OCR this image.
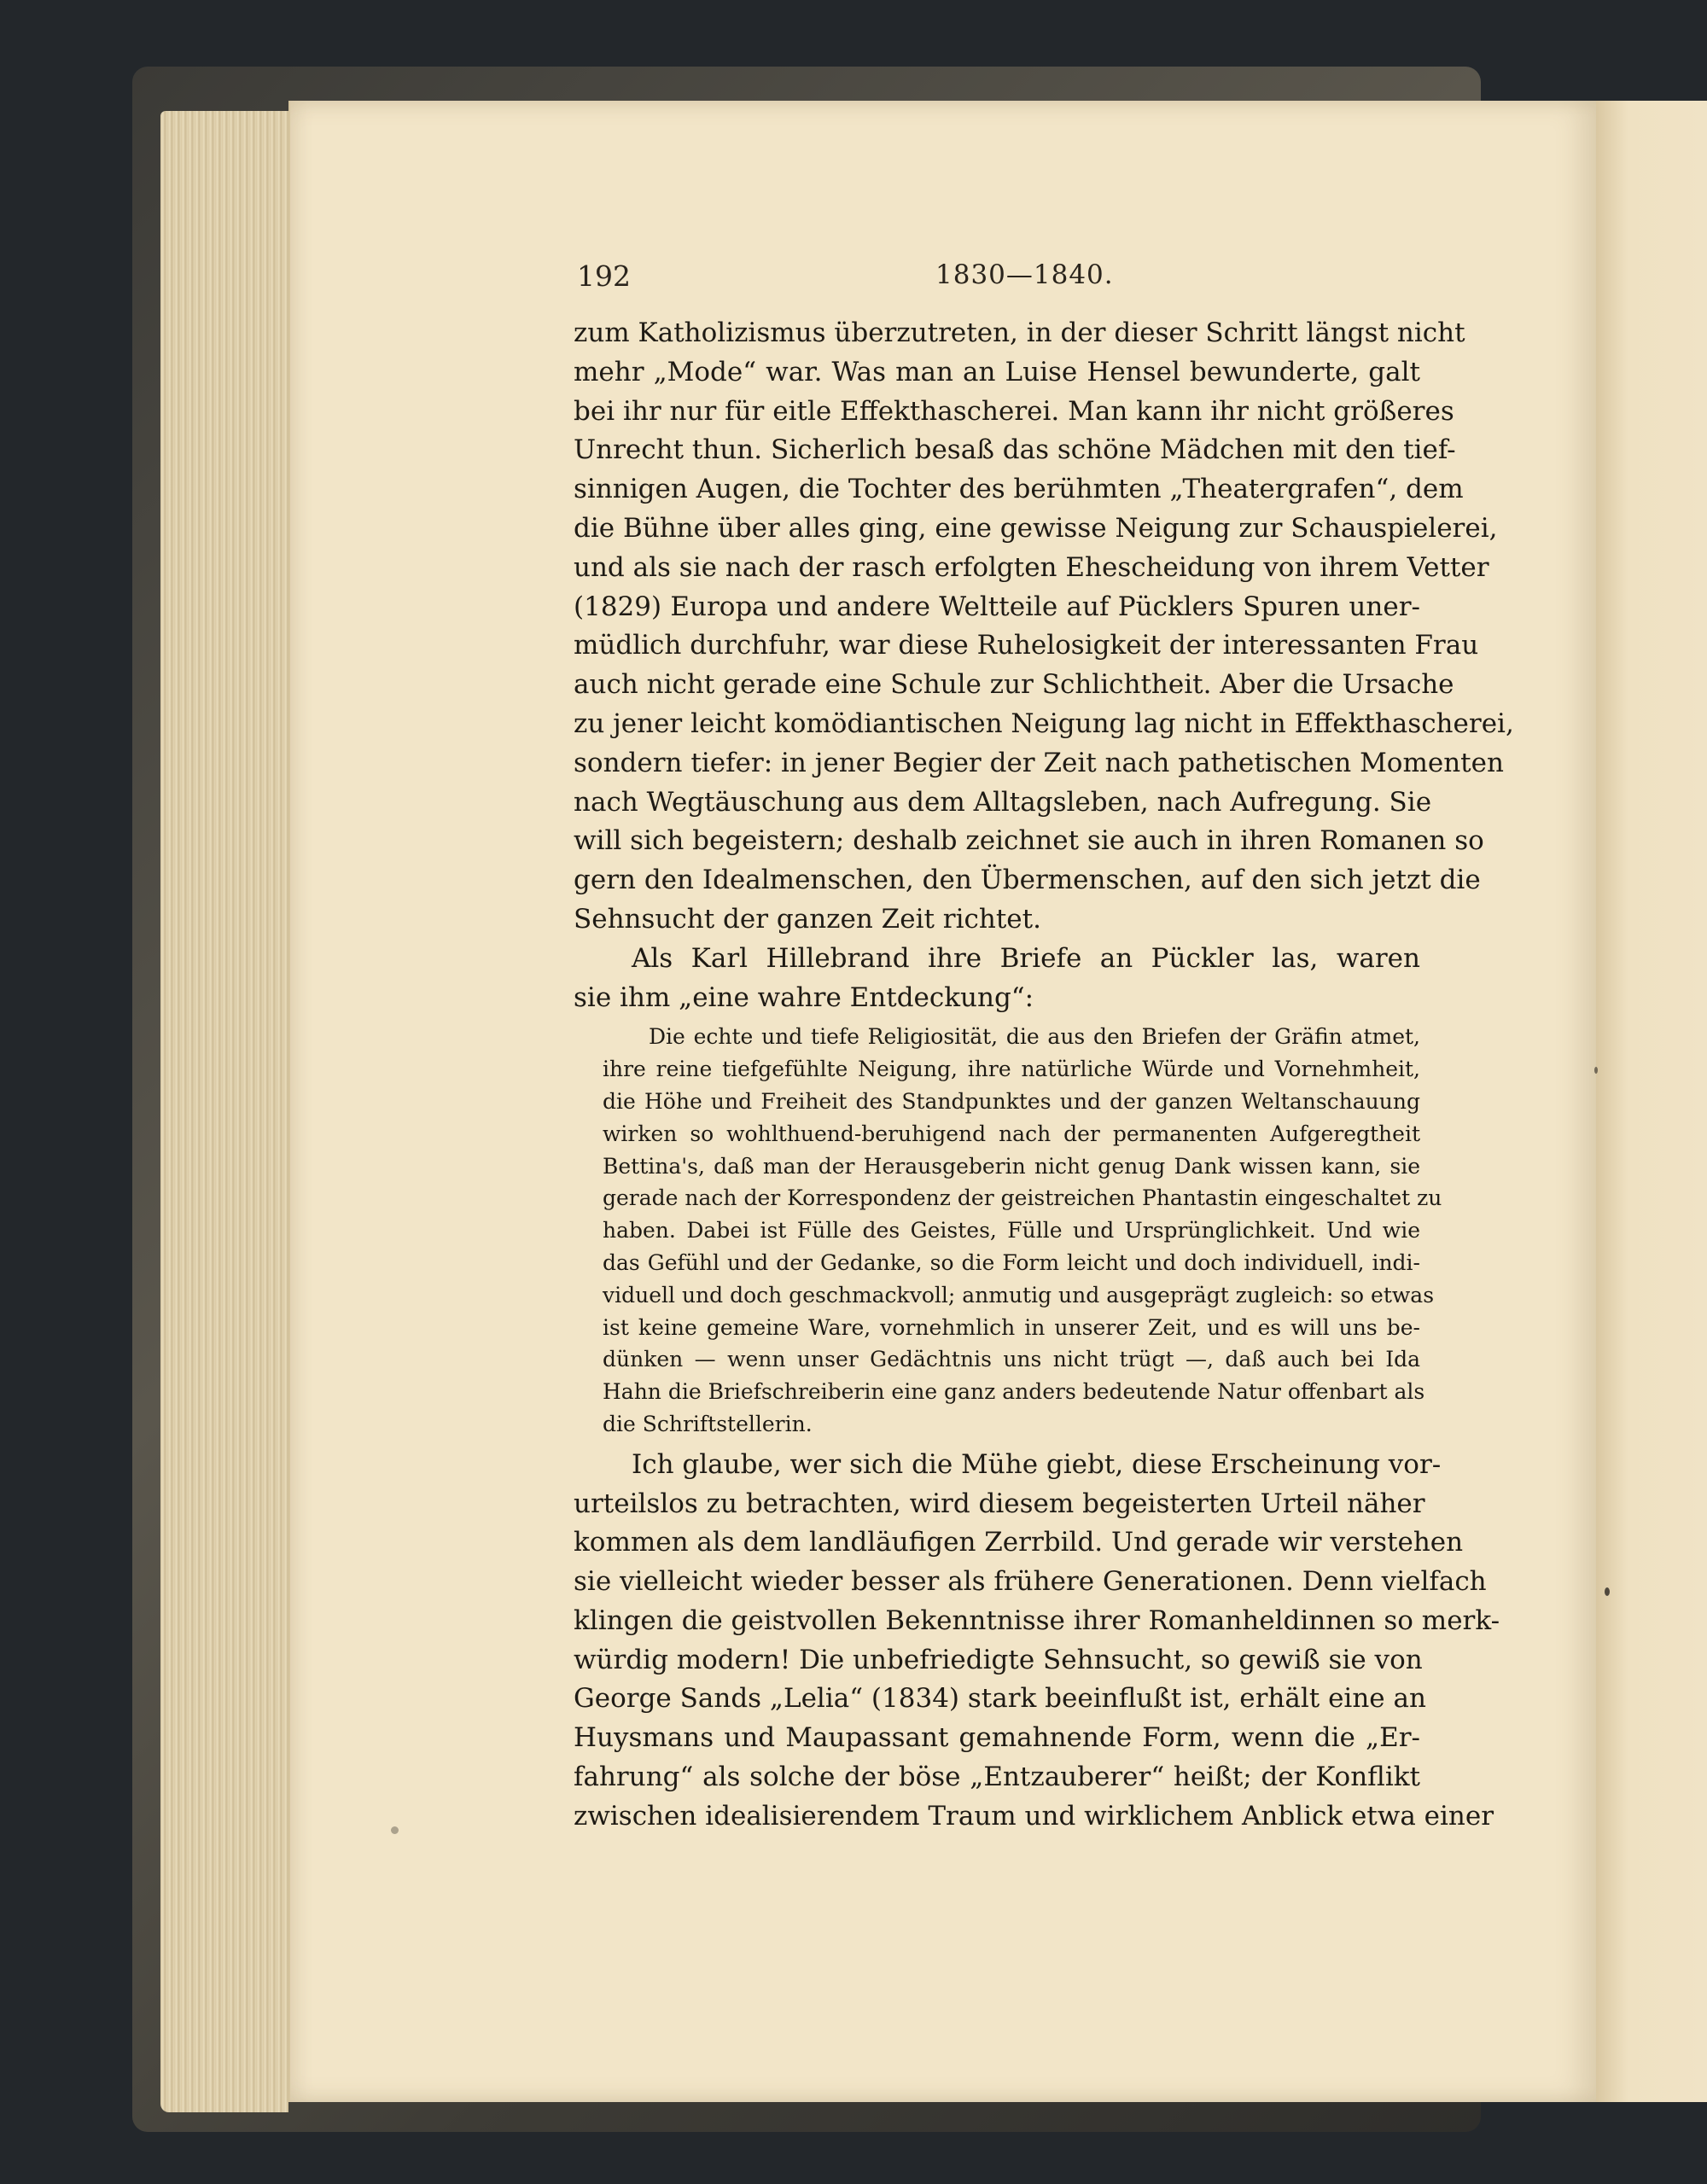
192	1830—1840.
zum Katholizismus überzutreten, in der dieser Schritt längst nicht
mehr „Mode“ war. Was man an Luise Hensel bewunderte, galt
bei ihr nur für eitle Effekthascherei. Man kann ihr nicht größeres
Unrecht thun. Sicherlich besaß das schöne Mädchen mit den tief-
sinnigen Augen, die Tochter des berühmten „Theatergrafen“, dem
die Bühne über alles ging, eine gewisse Neigung zur Schauspielerei,
und als sie nach der rasch erfolgten Ehescheidung von ihrem Vetter
(1829) Europa und andere Weltteile auf Pücklers Spuren uner-
müdlich durchfuhr, war diese Ruhelosigkeit der interessanten Frau
auch nicht gerade eine Schule zur Schlichtheit. Aber die Ursache
zu jener leicht komödiantischen Neigung lag nicht in Effekthascherei,
sondern tiefer: in jener Begier der Zeit nach pathetischen Momenten
nach Wegtäuschung aus dem Alltagsleben, nach Aufregung. Sie
will sich begeistern; deshalb zeichnet sie auch in ihren Romanen so
gern den Idealmenschen, den Übermenschen, auf den sich jetzt die
Sehnsucht der ganzen Zeit richtet.
Als Karl Hillebrand ihre Briefe an Pückler las, waren
sie ihm „eine wahre Entdeckung“:
Die echte und tiefe Religiosität, die aus den Briefen der Gräfin atmet,
ihre reine tiefgefühlte Neigung, ihre natürliche Würde und Vornehmheit,
die Höhe und Freiheit des Standpunktes und der ganzen Weltanschauung
wirken so wohlthuend-beruhigend nach der permanenten Aufgeregtheit
Bettina's, daß man der Herausgeberin nicht genug Dank wissen kann, sie
gerade nach der Korrespondenz der geistreichen Phantastin eingeschaltet zu
haben. Dabei ist Fülle des Geistes, Fülle und Ursprünglichkeit. Und wie
das Gefühl und der Gedanke, so die Form leicht und doch individuell, indi-
viduell und doch geschmackvoll; anmutig und ausgeprägt zugleich: so etwas
ist keine gemeine Ware, vornehmlich in unserer Zeit, und es will uns be-
dünken — wenn unser Gedächtnis uns nicht trügt —, daß auch bei Ida
Hahn die Briefschreiberin eine ganz anders bedeutende Natur offenbart als
die Schriftstellerin.
Ich glaube, wer sich die Mühe giebt, diese Erscheinung vor-
urteilslos zu betrachten, wird diesem begeisterten Urteil näher
kommen als dem landläufigen Zerrbild. Und gerade wir verstehen
sie vielleicht wieder besser als frühere Generationen. Denn vielfach
klingen die geistvollen Bekenntnisse ihrer Romanheldinnen so merk-
würdig modern! Die unbefriedigte Sehnsucht, so gewiß sie von
George Sands „Lelia“ (1834) stark beeinflußt ist, erhält eine an
Huysmans und Maupassant gemahnende Form, wenn die „Er-
fahrung“ als solche der böse „Entzauberer“ heißt; der Konflikt
zwischen idealisierendem Traum und wirklichem Anblick etwa einer
